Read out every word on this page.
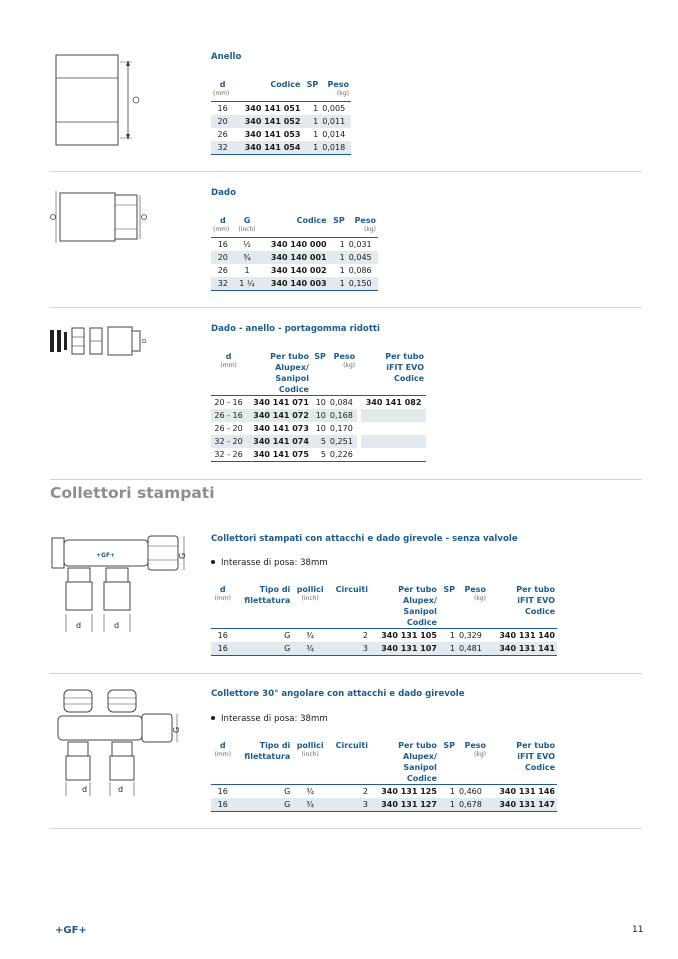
Anello
d	Codice	SP	Peso
(mm)			(kg)
16	340 141 051	1	0,005
20	340 141 052	1	0,011
26	340 141 053	1	0,014
32	340 141 054	1	0,018
Dado
d	G	Codice	SP	Peso
(mm)	(inch)			(kg)
16	½	340 140 000	1	0,031
20	¾	340 140 001	1	0,045
26	1	340 140 002	1	0,086
32	1 ¼	340 140 003	1	0,150
Dado - anello - portagomma ridotti
d	Per tubo	SP	Peso		Per tubo
(mm)	Alupex/		(kg)		iFIT EVO
	Sanipol				Codice
	Codice				
20 - 16	340 141 071	10	0,084		340 141 082
26 - 16	340 141 072	10	0,168		
26 - 20	340 141 073	10	0,170		
32 - 20	340 141 074	5	0,251		
32 - 26	340 141 075	5	0,226		
Collettori stampati
+GF+
d	d
G
Collettori stampati con attacchi e dado girevole - senza valvole
Interasse di posa: 38mm
d	Tipo di	pollici	Circuiti	Per tubo	SP	Peso	Per tubo
(mm)	filettatura	(inch)		Alupex/		(kg)	iFIT EVO
				Sanipol			Codice
				Codice			
16	G	¾	2	340 131 105	1	0,329	340 131 140
16	G	¾	3	340 131 107	1	0,481	340 131 141
d	d
G
Collettore 30° angolare con attacchi e dado girevole
Interasse di posa: 38mm
d	Tipo di	pollici	Circuiti	Per tubo	SP	Peso	Per tubo
(mm)	filettatura	(inch)		Alupex/		(kg)	iFIT EVO
				Sanipol			Codice
				Codice			
16	G	¾	2	340 131 125	1	0,460	340 131 146
16	G	¾	3	340 131 127	1	0,678	340 131 147
+GF+	11
